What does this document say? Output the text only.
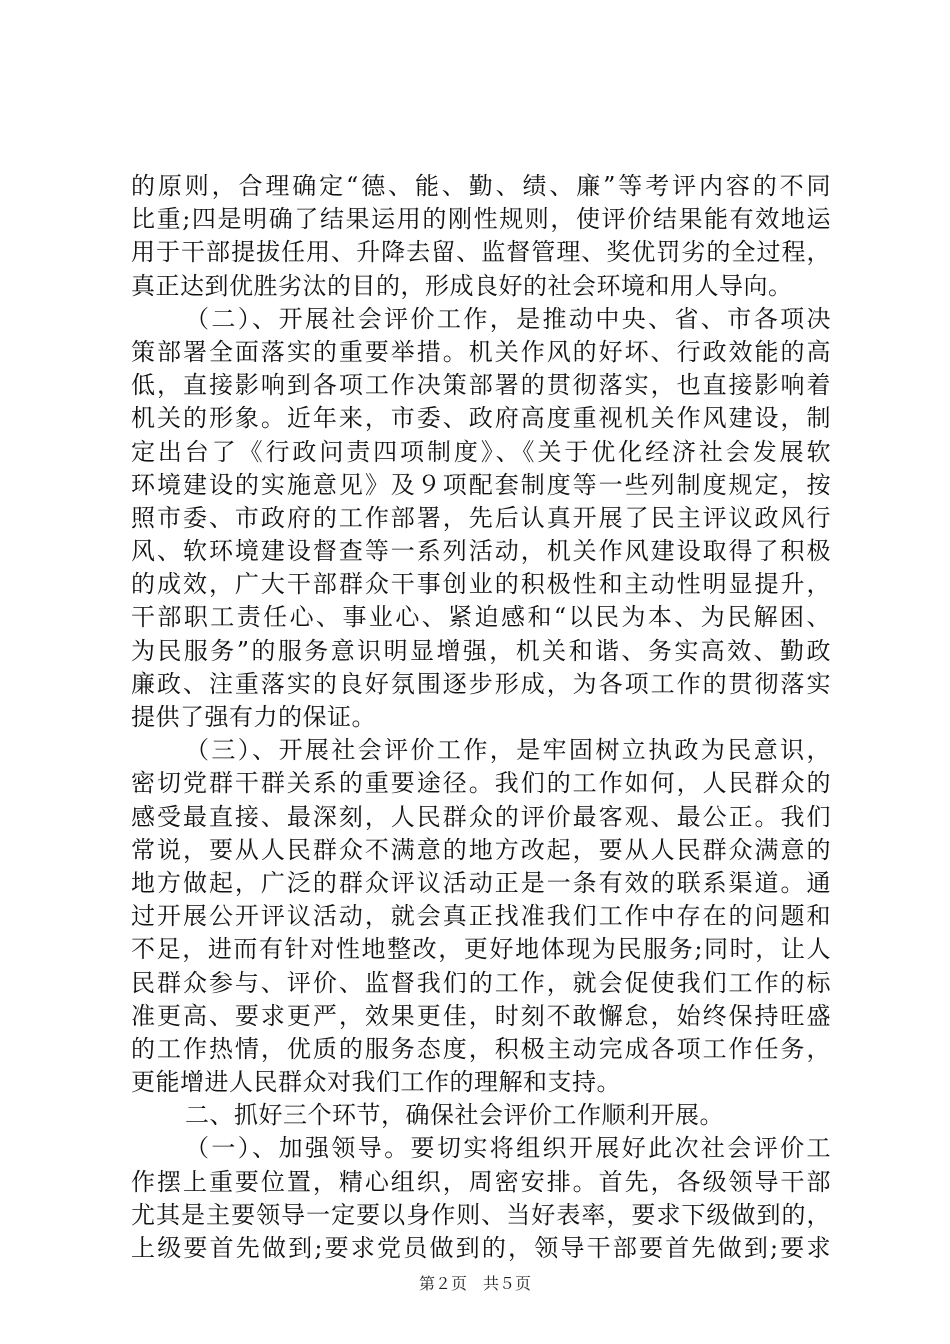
的原则，合理确定“德、能、勤、绩、廉”等考评内容的不同
比重;四是明确了结果运用的刚性规则，使评价结果能有效地运
用于干部提拔任用、升降去留、监督管理、奖优罚劣的全过程，
真正达到优胜劣汰的目的，形成良好的社会环境和用人导向。
（二）、开展社会评价工作，是推动中央、省、市各项决
策部署全面落实的重要举措。机关作风的好坏、行政效能的高
低，直接影响到各项工作决策部署的贯彻落实，也直接影响着
机关的形象。近年来，市委、政府高度重视机关作风建设，制
定出台了《行政问责四项制度》、《关于优化经济社会发展软
环境建设的实施意见》及９项配套制度等一些列制度规定，按
照市委、市政府的工作部署，先后认真开展了民主评议政风行
风、软环境建设督查等一系列活动，机关作风建设取得了积极
的成效，广大干部群众干事创业的积极性和主动性明显提升，
干部职工责任心、事业心、紧迫感和“以民为本、为民解困、
为民服务”的服务意识明显增强，机关和谐、务实高效、勤政
廉政、注重落实的良好氛围逐步形成，为各项工作的贯彻落实
提供了强有力的保证。
（三）、开展社会评价工作，是牢固树立执政为民意识，
密切党群干群关系的重要途径。我们的工作如何，人民群众的
感受最直接、最深刻，人民群众的评价最客观、最公正。我们
常说，要从人民群众不满意的地方改起，要从人民群众满意的
地方做起，广泛的群众评议活动正是一条有效的联系渠道。通
过开展公开评议活动，就会真正找准我们工作中存在的问题和
不足，进而有针对性地整改，更好地体现为民服务;同时，让人
民群众参与、评价、监督我们的工作，就会促使我们工作的标
准更高、要求更严，效果更佳，时刻不敢懈怠，始终保持旺盛
的工作热情，优质的服务态度，积极主动完成各项工作任务，
更能增进人民群众对我们工作的理解和支持。
二、抓好三个环节，确保社会评价工作顺利开展。
（一）、加强领导。要切实将组织开展好此次社会评价工
作摆上重要位置，精心组织，周密安排。首先，各级领导干部
尤其是主要领导一定要以身作则、当好表率，要求下级做到的，
上级要首先做到;要求党员做到的，领导干部要首先做到;要求
第２页　共５页
